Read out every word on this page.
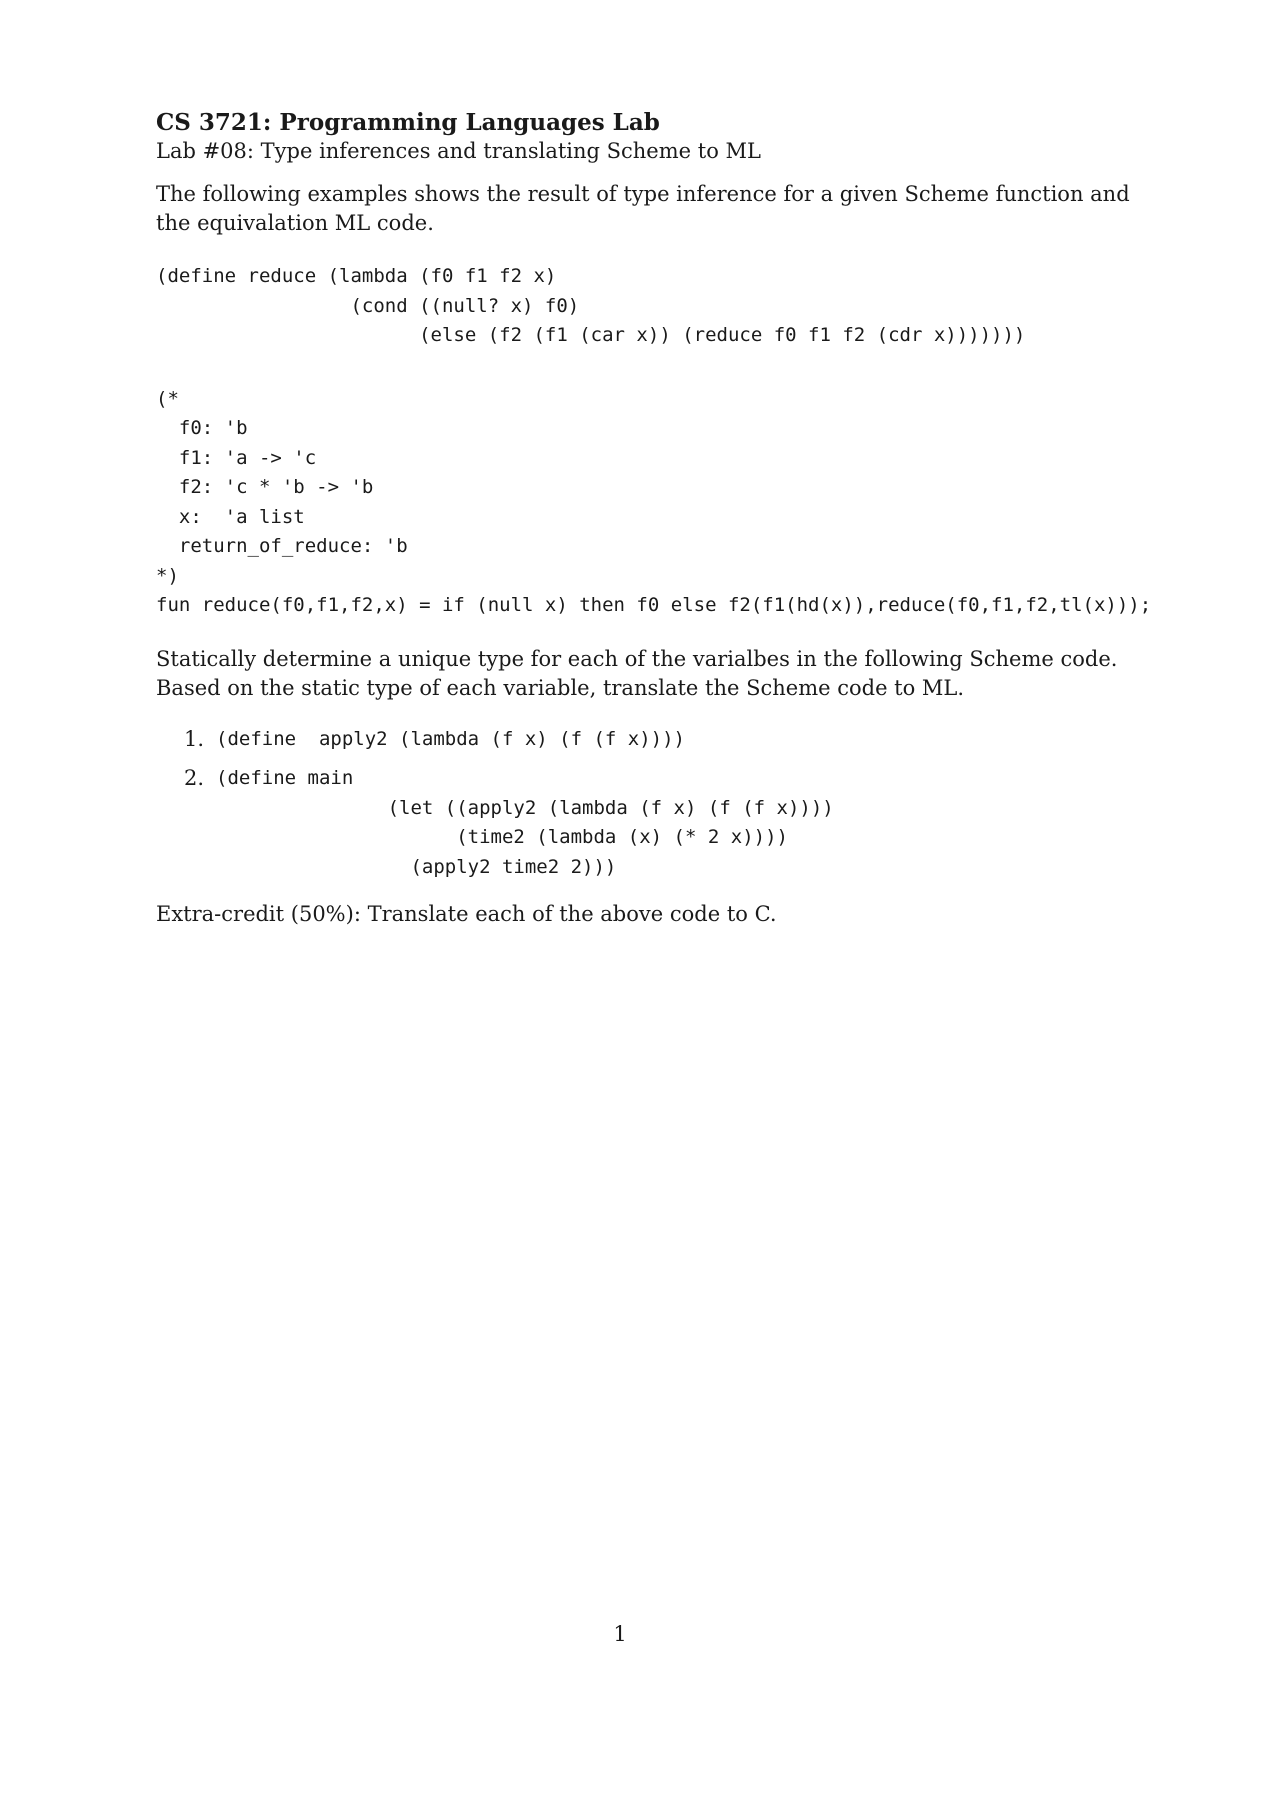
CS 3721: Programming Languages Lab

Lab #08: Type inferences and translating Scheme to ML

The following examples shows the result of type inference for a given Scheme function and
the equivalation ML code.

(define reduce (lambda (f0 f1 f2 x)
(cond ((null? x) f0)
(else (f2 (f1 (car x)) (reduce f0 f1 f2 (cdr x)))))))
(*
f0: 'b
f1: 'a -> 'c
f2: 'c * 'b -> 'b
x:  'a list
return_of_reduce: 'b
*)
fun reduce(f0,f1,f2,x) = if (null x) then f0 else f2(f1(hd(x)),reduce(f0,f1,f2,tl(x)));

Statically determine a unique type for each of the varialbes in the following Scheme code.
Based on the static type of each variable, translate the Scheme code to ML.

1. (define  apply2 (lambda (f x) (f (f x))))
2. (define main
(let ((apply2 (lambda (f x) (f (f x))))
(time2 (lambda (x) (* 2 x))))
(apply2 time2 2)))

Extra-credit (50%): Translate each of the above code to C.

1
